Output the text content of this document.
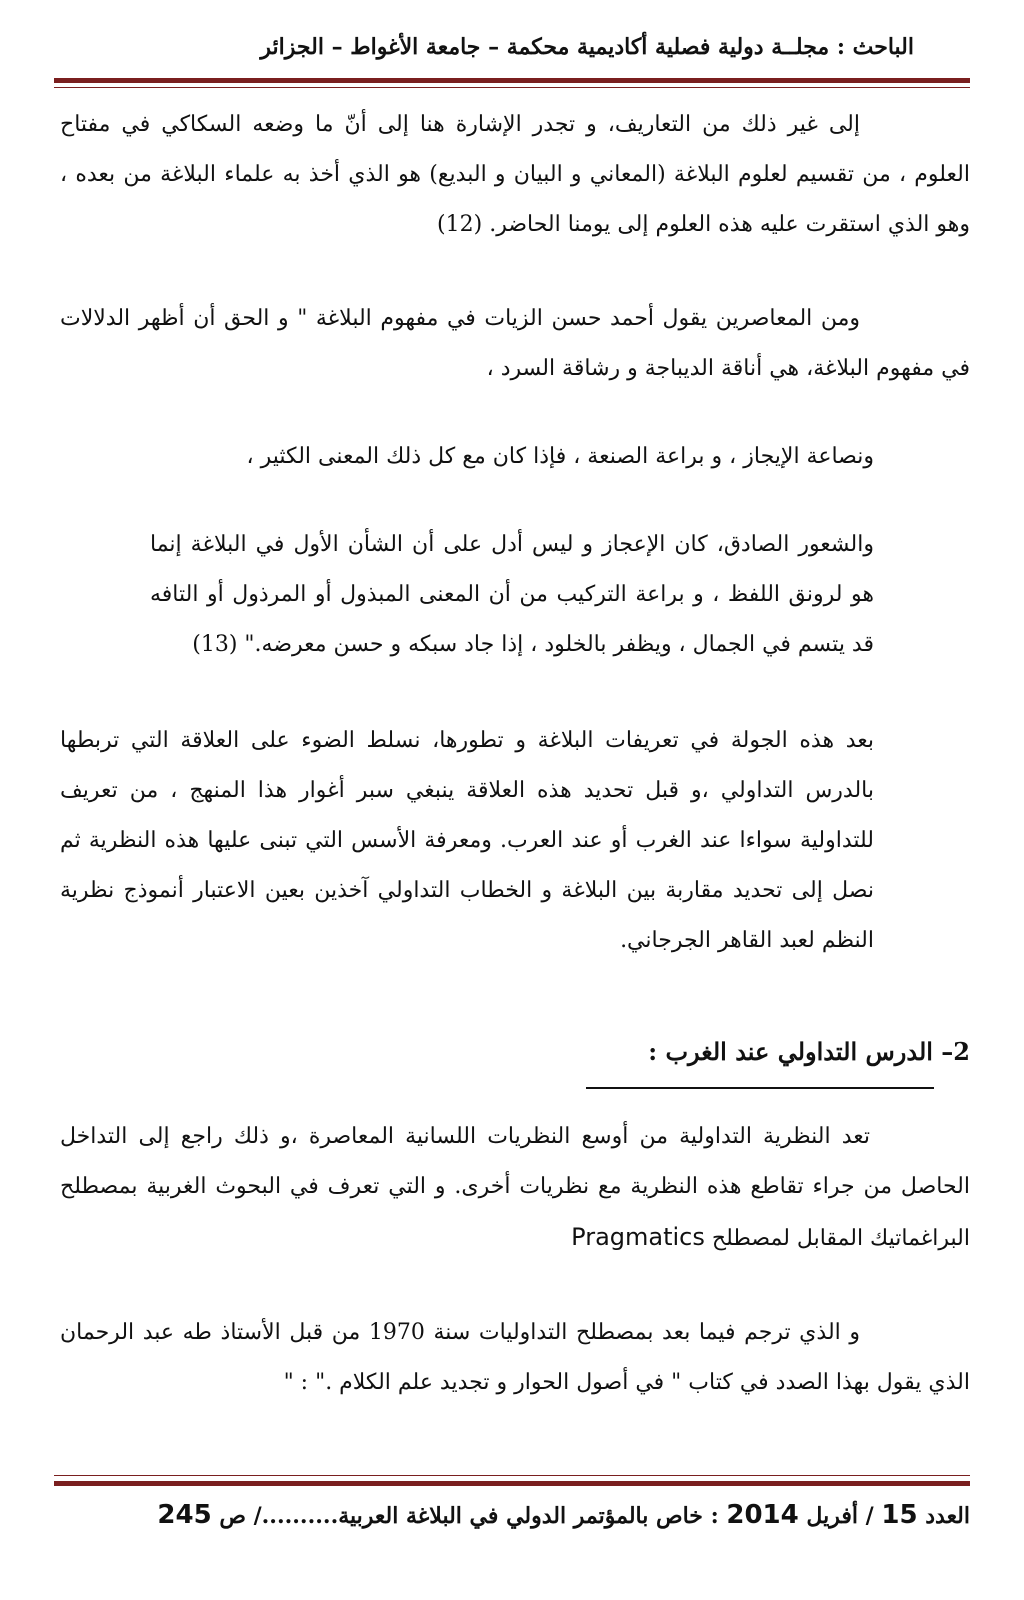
الباحث : مجلــة دولية فصلية أكاديمية محكمة – جامعة الأغواط – الجزائر
إلى غير ذلك من التعاريف، و تجدر الإشارة هنا إلى أنّ ما وضعه السكاكي في مفتاح العلوم ، من تقسيم لعلوم البلاغة (المعاني و البيان و البديع) هو الذي أخذ به علماء البلاغة من بعده ، وهو الذي استقرت عليه هذه العلوم إلى يومنا الحاضر. (12)
ومن المعاصرين يقول أحمد حسن الزيات في مفهوم البلاغة " و الحق أن أظهر الدلالات في مفهوم البلاغة، هي أناقة الديباجة و رشاقة السرد ،
ونصاعة الإيجاز ، و براعة الصنعة ، فإذا كان مع كل ذلك المعنى الكثير ،
والشعور الصادق، كان الإعجاز و ليس أدل على أن الشأن الأول في البلاغة إنما هو لرونق اللفظ ، و براعة التركيب من أن المعنى المبذول أو المرذول أو التافه قد يتسم في الجمال ، ويظفر بالخلود ، إذا جاد سبكه و حسن معرضه." (13)
بعد هذه الجولة في تعريفات البلاغة و تطورها، نسلط الضوء على العلاقة التي تربطها بالدرس التداولي ،و قبل تحديد هذه العلاقة ينبغي سبر أغوار هذا المنهج ، من تعريف للتداولية سواءا عند الغرب أو عند العرب. ومعرفة الأسس التي تبنى عليها هذه النظرية ثم نصل إلى تحديد مقاربة بين البلاغة و الخطاب التداولي آخذين بعين الاعتبار أنموذج نظرية النظم لعبد القاهر الجرجاني.
2– الدرس التداولي عند الغرب :
تعد النظرية التداولية من أوسع النظريات اللسانية المعاصرة ،و ذلك راجع إلى التداخل الحاصل من جراء تقاطع هذه النظرية مع نظريات أخرى. و التي تعرف في البحوث الغربية بمصطلح البراغماتيك المقابل لمصطلح Pragmatics
و الذي ترجم فيما بعد بمصطلح التداوليات سنة 1970 من قبل الأستاذ طه عبد الرحمان الذي يقول بهذا الصدد في كتاب " في أصول الحوار و تجديد علم الكلام ." : "
العدد 15 / أفريل 2014 : خاص بالمؤتمر الدولي في البلاغة العربية........../ ص 245
